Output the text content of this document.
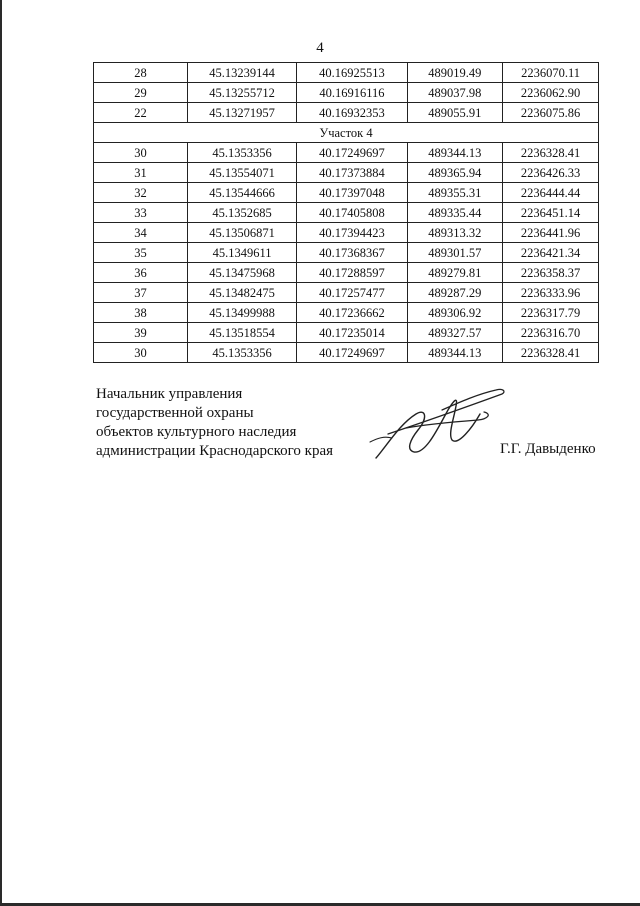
4
28	45.13239144	40.16925513	489019.49	2236070.11
29	45.13255712	40.16916116	489037.98	2236062.90
22	45.13271957	40.16932353	489055.91	2236075.86
Участок 4				
30	45.1353356	40.17249697	489344.13	2236328.41
31	45.13554071	40.17373884	489365.94	2236426.33
32	45.13544666	40.17397048	489355.31	2236444.44
33	45.1352685	40.17405808	489335.44	2236451.14
34	45.13506871	40.17394423	489313.32	2236441.96
35	45.1349611	40.17368367	489301.57	2236421.34
36	45.13475968	40.17288597	489279.81	2236358.37
37	45.13482475	40.17257477	489287.29	2236333.96
38	45.13499988	40.17236662	489306.92	2236317.79
39	45.13518554	40.17235014	489327.57	2236316.70
30	45.1353356	40.17249697	489344.13	2236328.41
Начальник управления
государственной охраны
объектов культурного наследия
администрации Краснодарского края	Г.Г. Давыденко
